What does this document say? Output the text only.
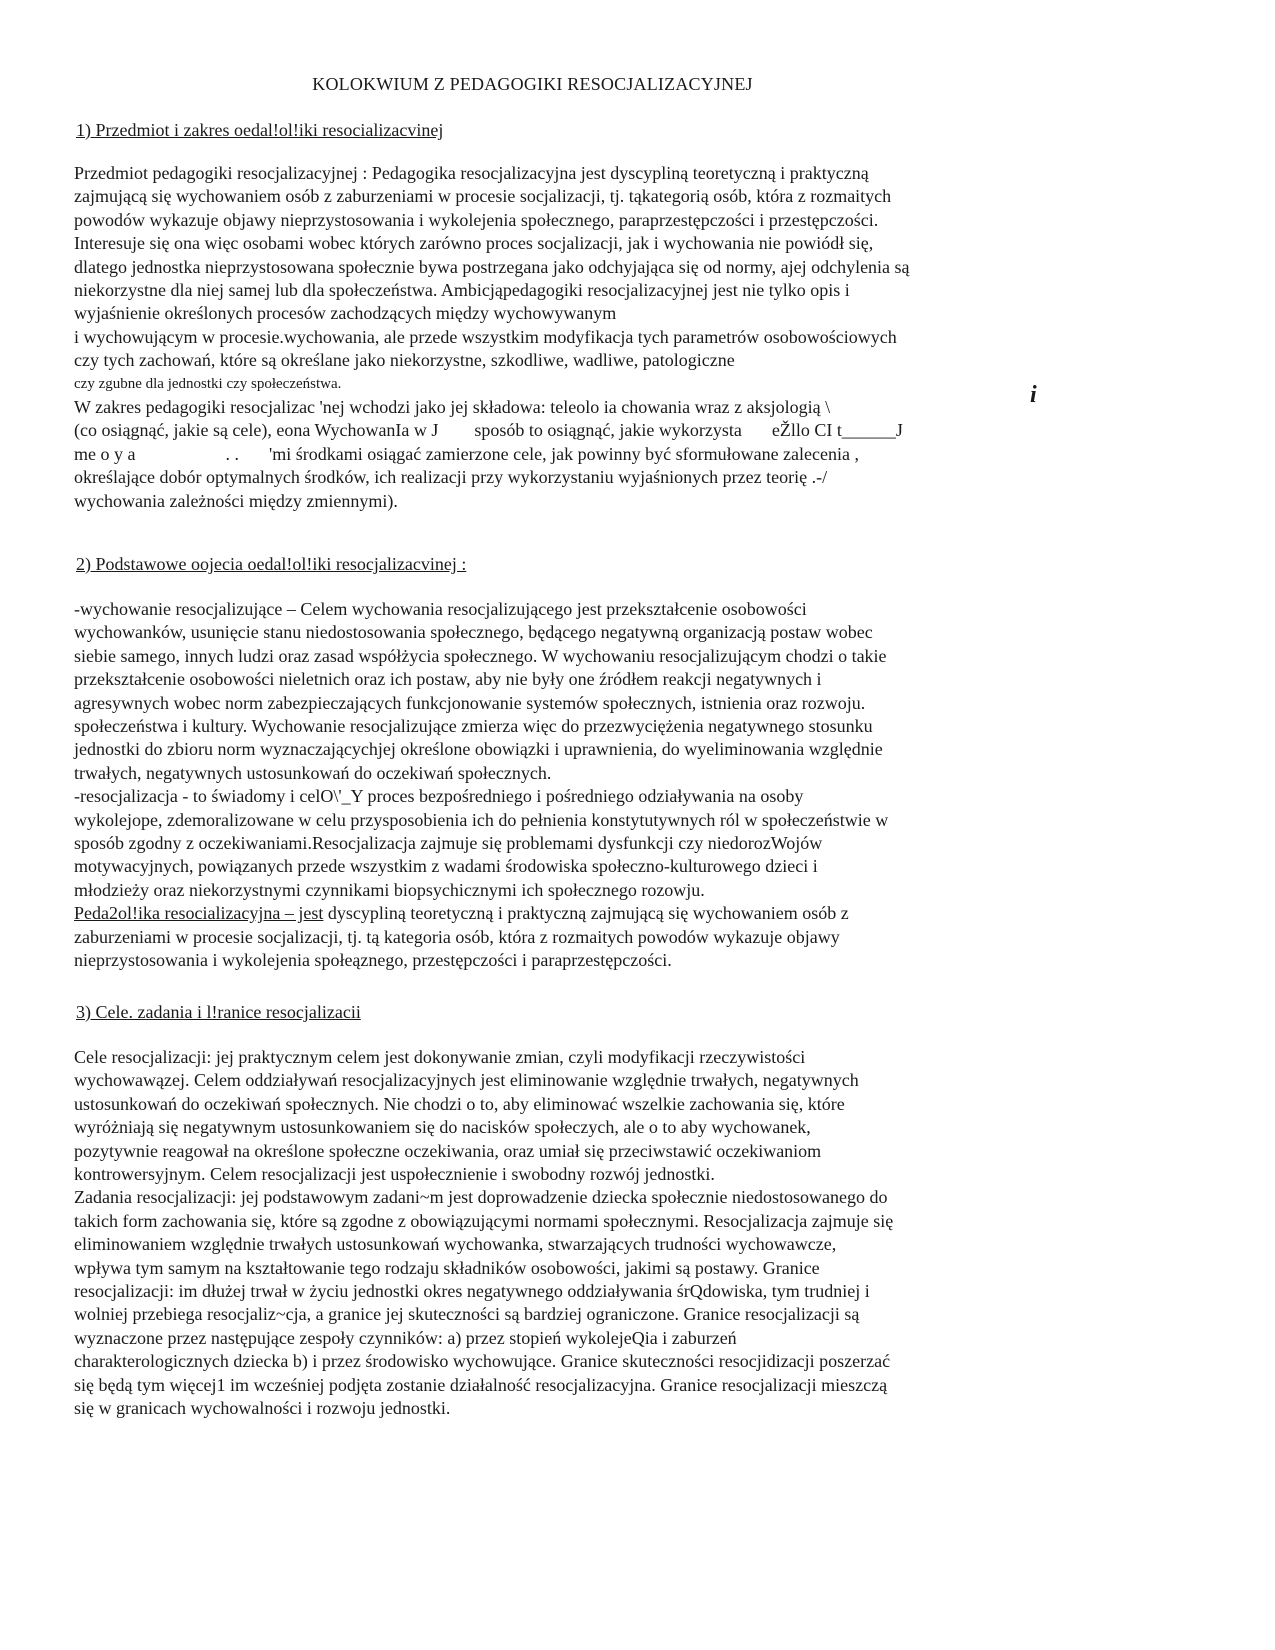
KOLOKWIUM Z PEDAGOGIKI RESOCJALIZACYJNEJ
1) Przedmiot i zakres oedal!ol!iki resocializacvinej
Przedmiot pedagogiki resocjalizacyjnej : Pedagogika resocjalizacyjna jest dyscypliną teoretyczną i praktyczną
zajmującą się wychowaniem osób z zaburzeniami w procesie socjalizacji, tj. tąkategorią osób, która z rozmaitych
powodów wykazuje objawy nieprzystosowania i wykolejenia społecznego, paraprzestępczości i przestępczości.
Interesuje się ona więc osobami wobec których zarówno proces socjalizacji, jak i wychowania nie powiódł się,
dlatego jednostka nieprzystosowana społecznie bywa postrzegana jako odchyjająca się od normy, ajej odchylenia są
niekorzystne dla niej samej lub dla społeczeństwa. Ambicjąpedagogiki resocjalizacyjnej jest nie tylko opis i
wyjaśnienie określonych procesów zachodzących między wychowywanym
i wychowującym w procesie.wychowania, ale przede wszystkim modyfikacja tych parametrów osobowościowych
czy tych zachowań, które są określane jako niekorzystne, szkodliwe, wadliwe, patologiczne
czy zgubne dla jednostki czy społeczeństwa.
W zakres pedagogiki resocjalizac 'nej wchodzi jako jej składowa: teleolo ia chowania wraz z aksjologią \
(co osiągnąć, jakie są cele), eona WychowanIa w J sposób to osiągnąć, jakie wykorzysta eŽllo CI t______J
me o y a	. . 'mi środkami osiągać zamierzone cele, jak powinny być sformułowane zalecenia ,
określające dobór optymalnych środków, ich realizacji przy wykorzystaniu wyjaśnionych przez teorię .-/
wychowania zależności między zmiennymi).
i
2) Podstawowe oojecia oedal!ol!iki resocjalizacvinej :
-wychowanie resocjalizujące – Celem wychowania resocjalizującego jest przekształcenie osobowości
wychowanków, usunięcie stanu niedostosowania społecznego, będącego negatywną organizacją postaw wobec
siebie samego, innych ludzi oraz zasad współżycia społecznego. W wychowaniu resocjalizującym chodzi o takie
przekształcenie osobowości nieletnich oraz ich postaw, aby nie były one źródłem reakcji negatywnych i
agresywnych wobec norm zabezpieczających funkcjonowanie systemów społecznych, istnienia oraz rozwoju.
społeczeństwa i kultury. Wychowanie resocjalizujące zmierza więc do przezwyciężenia negatywnego stosunku
jednostki do zbioru norm wyznaczającychjej określone obowiązki i uprawnienia, do wyeliminowania względnie
trwałych, negatywnych ustosunkowań do oczekiwań społecznych.
-resocjalizacja - to świadomy i celO\'_Y proces bezpośredniego i pośredniego odziaływania na osoby
wykolejope, zdemoralizowane w celu przysposobienia ich do pełnienia konstytutywnych ról w społeczeństwie w
sposób zgodny z oczekiwaniami.Resocjalizacja zajmuje się problemami dysfunkcji czy niedorozWojów
motywacyjnych, powiązanych przede wszystkim z wadami środowiska społeczno-kulturowego dzieci i
młodzieży oraz niekorzystnymi czynnikami biopsychicznymi ich społecznego rozowju.
Peda2ol!ika resocializacyjna – jest dyscypliną teoretyczną i praktyczną zajmującą się wychowaniem osób z
zaburzeniami w procesie socjalizacji, tj. tą kategoria osób, która z rozmaitych powodów wykazuje objawy
nieprzystosowania i wykolejenia społeąznego, przestępczości i paraprzestępczości.
3) Cele. zadania i l!ranice resocjalizacii
Cele resocjalizacji: jej praktycznym celem jest dokonywanie zmian, czyli modyfikacji rzeczywistości
wychowawązej. Celem oddziaływań resocjalizacyjnych jest eliminowanie względnie trwałych, negatywnych
ustosunkowań do oczekiwań społecznych. Nie chodzi o to, aby eliminować wszelkie zachowania się, które
wyróżniają się negatywnym ustosunkowaniem się do nacisków społeczych, ale o to aby wychowanek,
pozytywnie reagował na określone społeczne oczekiwania, oraz umiał się przeciwstawić oczekiwaniom
kontrowersyjnym. Celem resocjalizacji jest uspołecznienie i swobodny rozwój jednostki.
Zadania resocjalizacji: jej podstawowym zadani~m jest doprowadzenie dziecka społecznie niedostosowanego do
takich form zachowania się, które są zgodne z obowiązującymi normami społecznymi. Resocjalizacja zajmuje się
eliminowaniem względnie trwałych ustosunkowań wychowanka, stwarzających trudności wychowawcze,
wpływa tym samym na kształtowanie tego rodzaju składników osobowości, jakimi są postawy. Granice
resocjalizacji: im dłużej trwał w życiu jednostki okres negatywnego oddziaływania śrQdowiska, tym trudniej i
wolniej przebiega resocjaliz~cja, a granice jej skuteczności są bardziej ograniczone. Granice resocjalizacji są
wyznaczone przez następujące zespoły czynników: a) przez stopień wykolejeQia i zaburzeń
charakterologicznych dziecka b) i przez środowisko wychowujące. Granice skuteczności resocjidizacji poszerzać
się będą tym więcej1 im wcześniej podjęta zostanie działalność resocjalizacyjna. Granice resocjalizacji mieszczą
się w granicach wychowalności i rozwoju jednostki.
